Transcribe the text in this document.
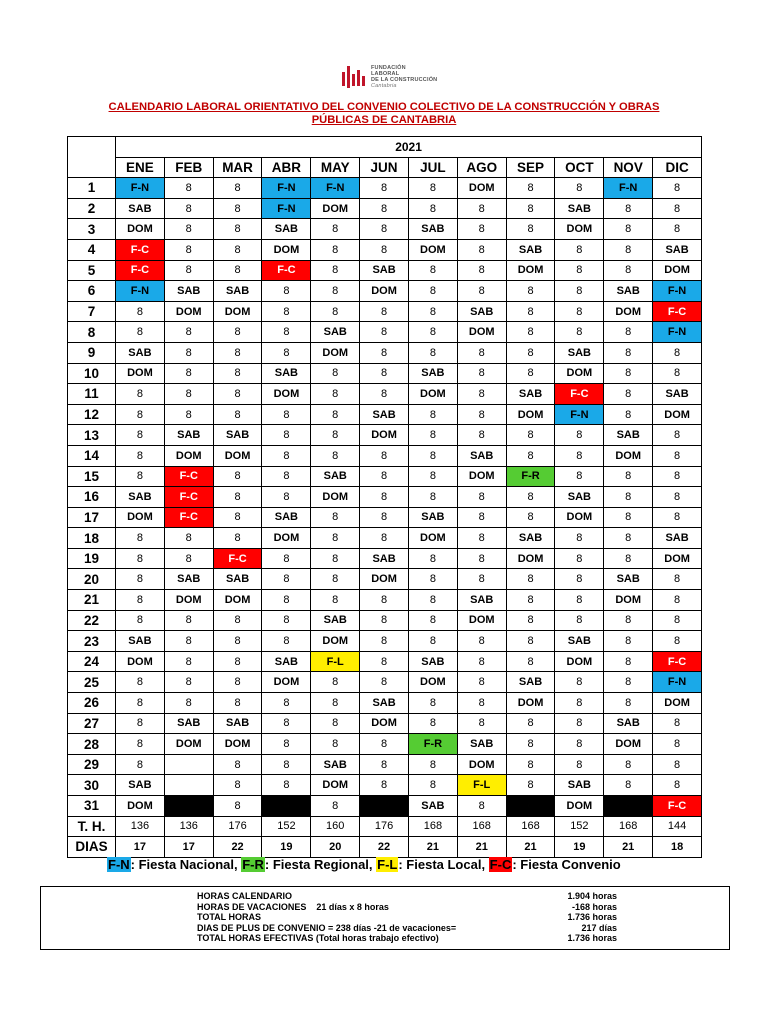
FUNDACIÓN
LABORAL
DE LA CONSTRUCCIÓN
Cantabria
CALENDARIO LABORAL ORIENTATIVO DEL CONVENIO COLECTIVO DE LA CONSTRUCCIÓN Y OBRAS
PÚBLICAS DE CANTABRIA
	2021											
	ENE	FEB	MAR	ABR	MAY	JUN	JUL	AGO	SEP	OCT	NOV	DIC
1	F-N	8	8	F-N	F-N	8	8	DOM	8	8	F-N	8
2	SAB	8	8	F-N	DOM	8	8	8	8	SAB	8	8
3	DOM	8	8	SAB	8	8	SAB	8	8	DOM	8	8
4	F-C	8	8	DOM	8	8	DOM	8	SAB	8	8	SAB
5	F-C	8	8	F-C	8	SAB	8	8	DOM	8	8	DOM
6	F-N	SAB	SAB	8	8	DOM	8	8	8	8	SAB	F-N
7	8	DOM	DOM	8	8	8	8	SAB	8	8	DOM	F-C
8	8	8	8	8	SAB	8	8	DOM	8	8	8	F-N
9	SAB	8	8	8	DOM	8	8	8	8	SAB	8	8
10	DOM	8	8	SAB	8	8	SAB	8	8	DOM	8	8
11	8	8	8	DOM	8	8	DOM	8	SAB	F-C	8	SAB
12	8	8	8	8	8	SAB	8	8	DOM	F-N	8	DOM
13	8	SAB	SAB	8	8	DOM	8	8	8	8	SAB	8
14	8	DOM	DOM	8	8	8	8	SAB	8	8	DOM	8
15	8	F-C	8	8	SAB	8	8	DOM	F-R	8	8	8
16	SAB	F-C	8	8	DOM	8	8	8	8	SAB	8	8
17	DOM	F-C	8	SAB	8	8	SAB	8	8	DOM	8	8
18	8	8	8	DOM	8	8	DOM	8	SAB	8	8	SAB
19	8	8	F-C	8	8	SAB	8	8	DOM	8	8	DOM
20	8	SAB	SAB	8	8	DOM	8	8	8	8	SAB	8
21	8	DOM	DOM	8	8	8	8	SAB	8	8	DOM	8
22	8	8	8	8	SAB	8	8	DOM	8	8	8	8
23	SAB	8	8	8	DOM	8	8	8	8	SAB	8	8
24	DOM	8	8	SAB	F-L	8	SAB	8	8	DOM	8	F-C
25	8	8	8	DOM	8	8	DOM	8	SAB	8	8	F-N
26	8	8	8	8	8	SAB	8	8	DOM	8	8	DOM
27	8	SAB	SAB	8	8	DOM	8	8	8	8	SAB	8
28	8	DOM	DOM	8	8	8	F-R	SAB	8	8	DOM	8
29	8		8	8	SAB	8	8	DOM	8	8	8	8
30	SAB		8	8	DOM	8	8	F-L	8	SAB	8	8
31	DOM		8		8		SAB	8		DOM		F-C
T. H.	136	136	176	152	160	176	168	168	168	152	168	144
DIAS	17	17	22	19	20	22	21	21	21	19	21	18
F-N: Fiesta Nacional, F-R: Fiesta Regional, F-L: Fiesta Local, F-C: Fiesta Convenio
HORAS CALENDARIO	1.904 horas
HORAS DE VACACIONES    21 días x 8 horas	-168 horas
TOTAL HORAS	1.736 horas
DIAS DE PLUS DE CONVENIO = 238 días -21 de vacaciones=	217 días
TOTAL HORAS EFECTIVAS (Total horas trabajo efectivo)	1.736 horas
